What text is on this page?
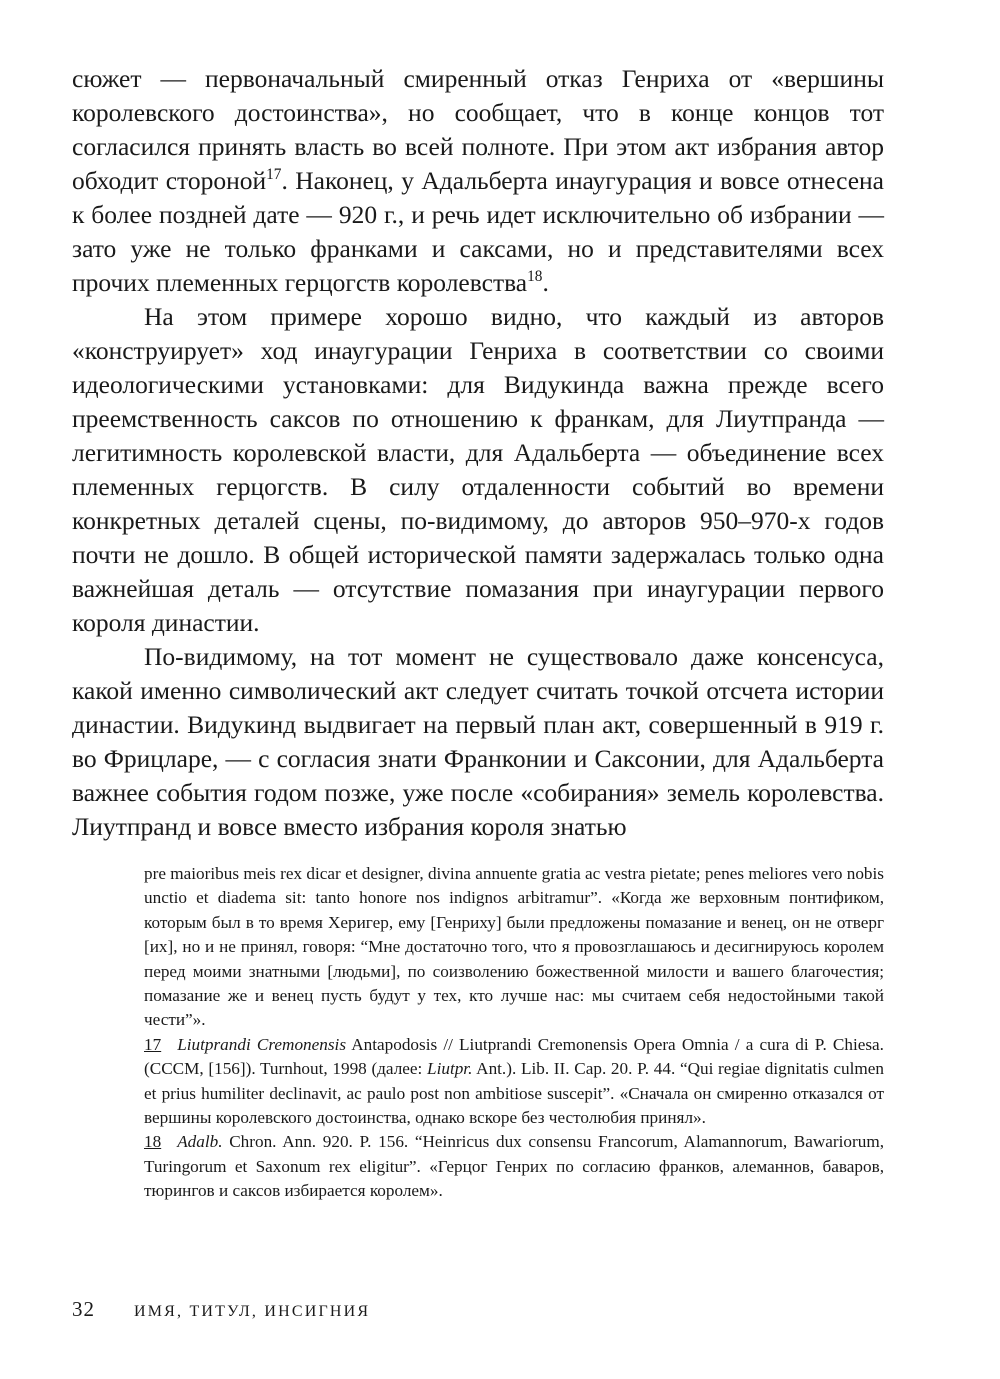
сюжет — первоначальный смиренный отказ Генриха от «вершины королевского достоинства», но сообщает, что в конце концов тот согласился принять власть во всей полноте. При этом акт избрания автор обходит стороной$^{17}$. Наконец, у Адальберта инаугурация и вовсе отнесена к более поздней дате — 920 г., и речь идет исключительно об избрании — зато уже не только франками и саксами, но и представителями всех прочих племенных герцогств королевства$^{18}$.

На этом примере хорошо видно, что каждый из авторов «конструирует» ход инаугурации Генриха в соответствии со своими идеологическими установками: для Видукинда важна прежде всего преемственность саксов по отношению к франкам, для Лиутпранда — легитимность королевской власти, для Адальберта — объединение всех племенных герцогств. В силу отдаленности событий во времени конкретных деталей сцены, по-видимому, до авторов 950–970-х годов почти не дошло. В общей исторической памяти задержалась только одна важнейшая деталь — отсутствие помазания при инаугурации первого короля династии.

По-видимому, на тот момент не существовало даже консенсуса, какой именно символический акт следует считать точкой отсчета истории династии. Видукинд выдвигает на первый план акт, совершенный в 919 г. во Фрицларе, — с согласия знати Франконии и Саксонии, для Адальберта важнее события годом позже, уже после «собирания» земель королевства. Лиутпранд и вовсе вместо избрания короля знатью

pre maioribus meis rex dicar et designer, divina annuente gratia ac vestra pietate; penes meliores vero nobis unctio et diadema sit: tanto honore nos indignos arbitramur”. «Когда же верховным понтификом, которым был в то время Херигер, ему [Генриху] были предложены помазание и венец, он не отверг [их], но и не принял, говоря: “Мне достаточно того, что я провозглашаюсь и десигнируюсь королем перед моими знатными [людьми], по соизволению божественной милости и вашего благочестия; помазание же и венец пусть будут у тех, кто лучше нас: мы считаем себя недостойными такой чести”».

17 Liutprandi Cremonensis Antapodosis // Liutprandi Cremonensis Opera Omnia / a cura di P. Chiesa. (CCCM, [156]). Turnhout, 1998 (далее: Liutpr. Ant.). Lib. II. Cap. 20. P. 44. “Qui regiae dignitatis culmen et prius humiliter declinavit, ac paulo post non ambitiose suscepit”. «Сначала он смиренно отказался от вершины королевского достоинства, однако вскоре без честолюбия принял».

18 Adalb. Chron. Ann. 920. P. 156. “Heinricus dux consensu Francorum, Alamannorum, Bawariorum, Turingorum et Saxonum rex eligitur”. «Герцог Генрих по согласию франков, алеманнов, баваров, тюрингов и саксов избирается королем».

32 ИМЯ, ТИТУЛ, ИНСИГНИЯ
